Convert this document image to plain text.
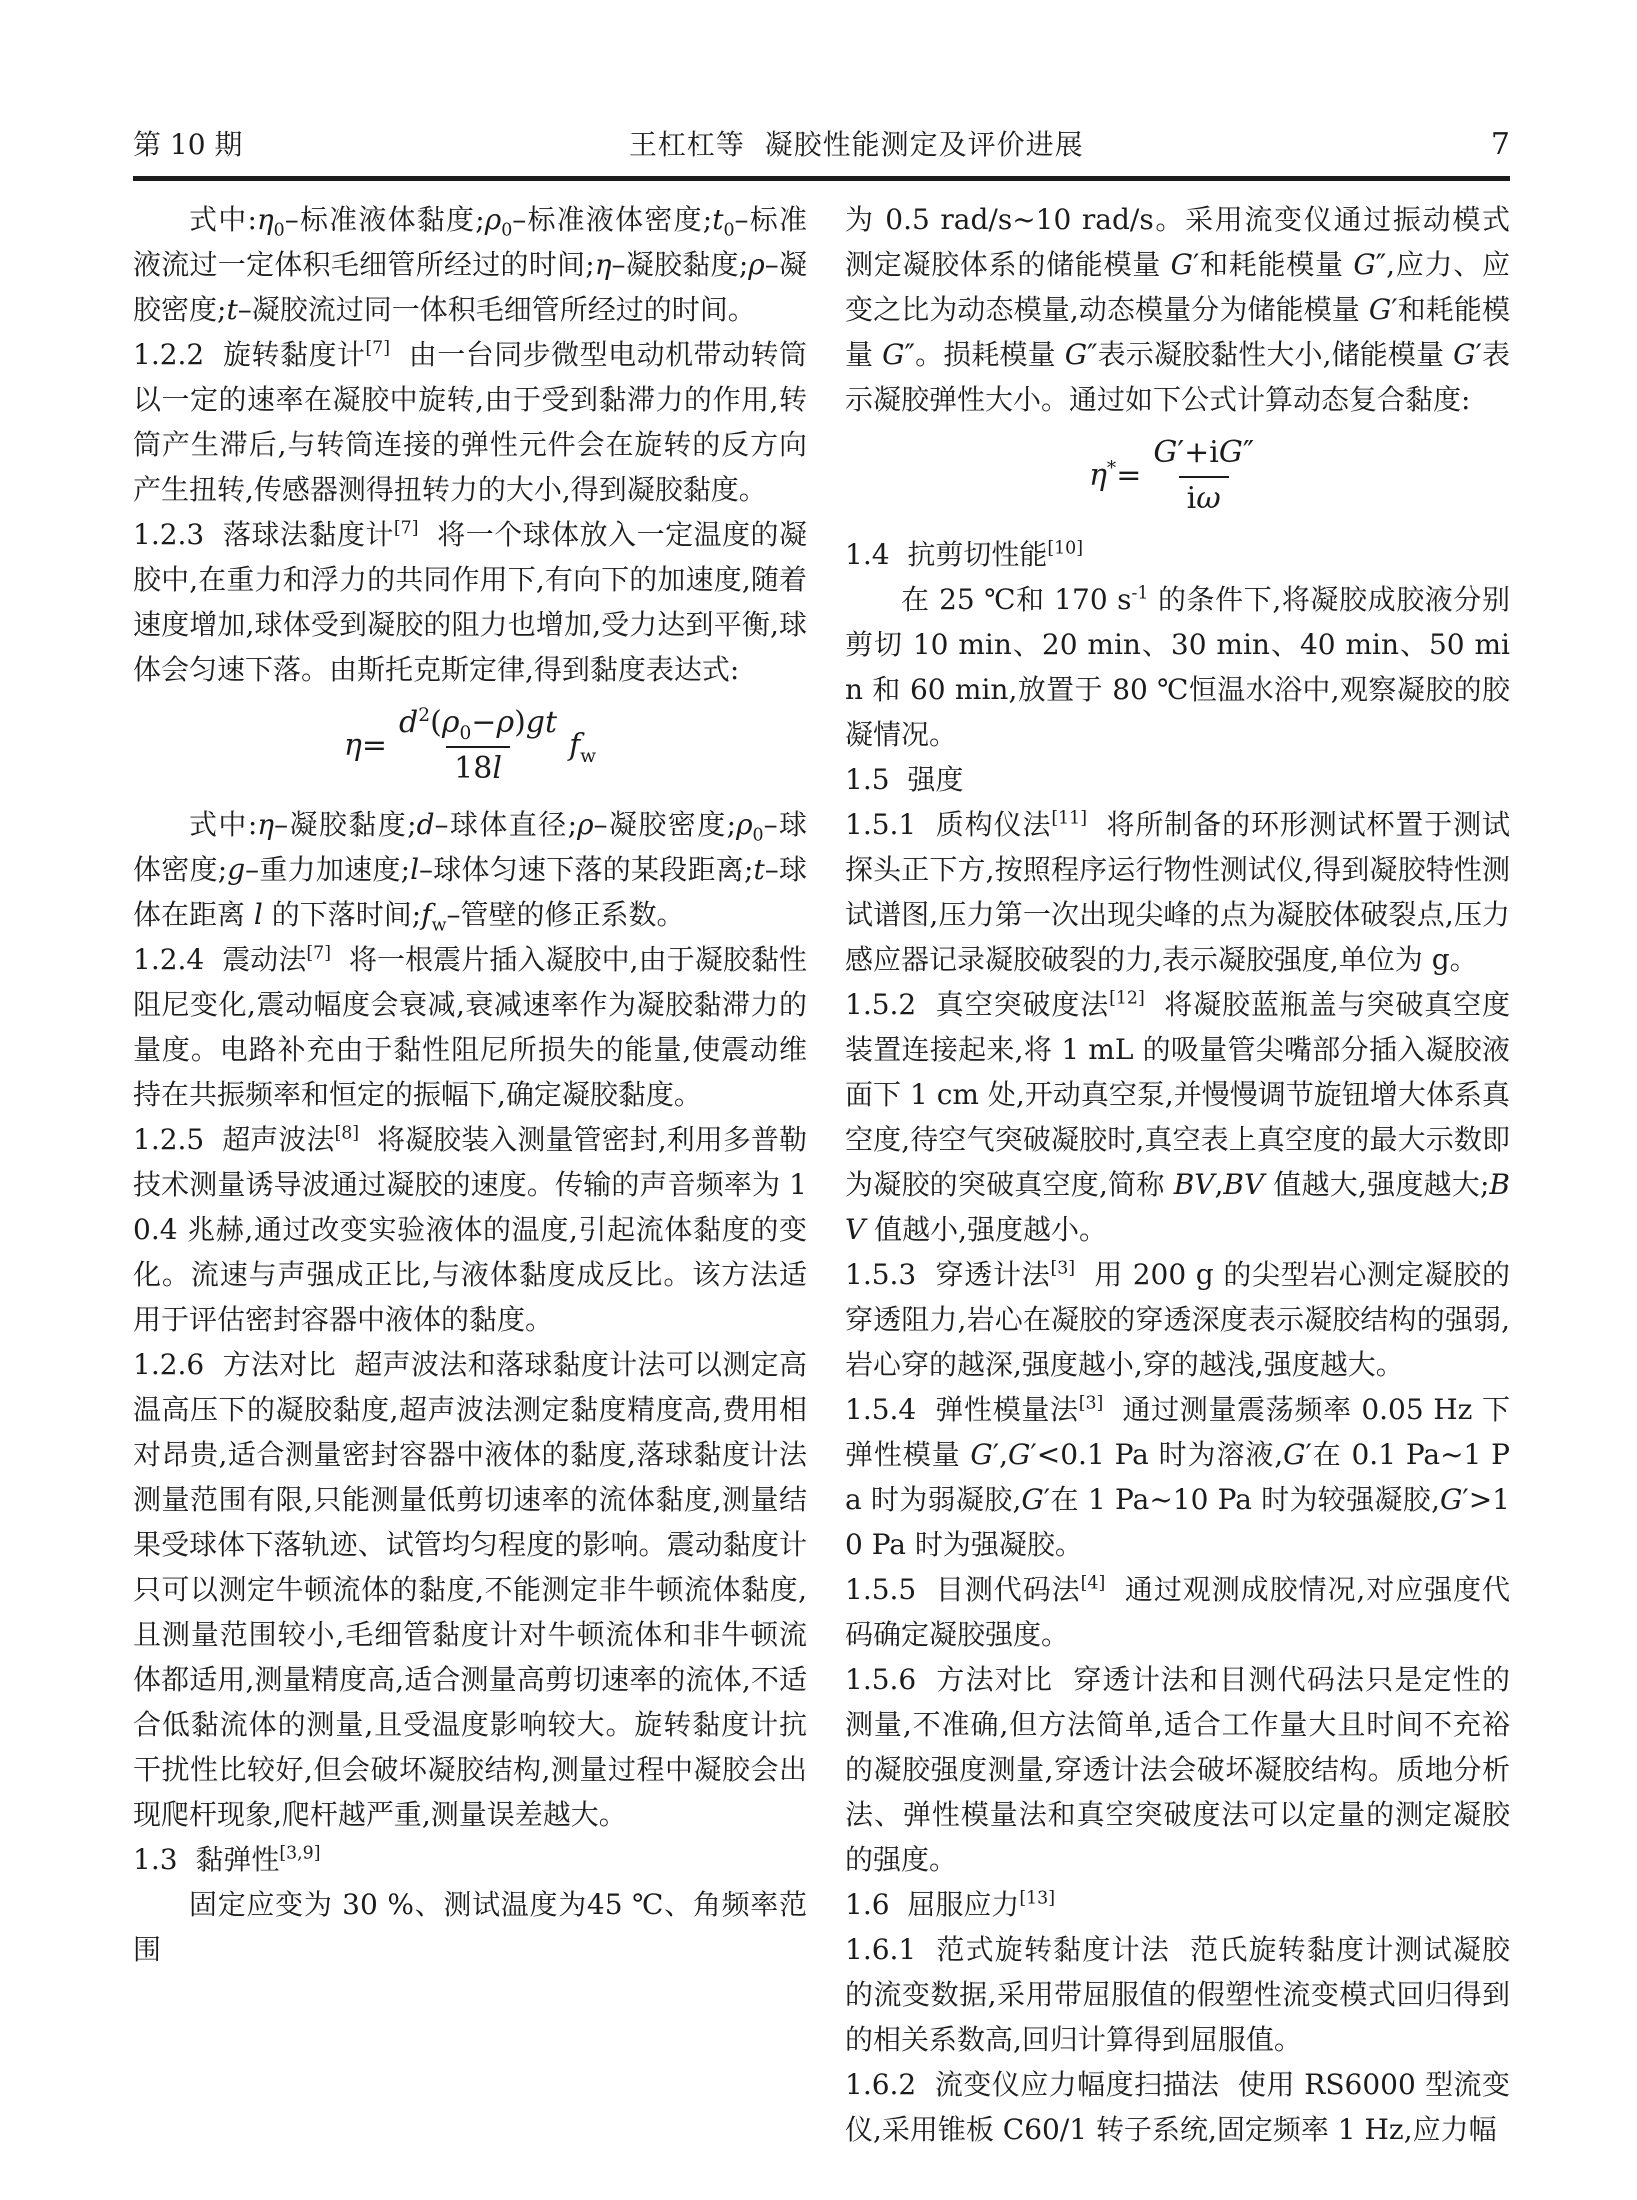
第 10 期	王杠杠等  凝胶性能测定及评价进展	7

式中$:\eta_0-$标准液体黏度$;\rho_0-$标准液体密度$;t_0-$标准液流过一定体积毛细管所经过的时间;η–凝胶黏度;ρ–凝胶密度;t–凝胶流过同一体积毛细管所经过的时间。

1.2.2  旋转黏度计[7]  由一台同步微型电动机带动转筒以一定的速率在凝胶中旋转,由于受到黏滞力的作用,转筒产生滞后,与转筒连接的弹性元件会在旋转的反方向产生扭转,传感器测得扭转力的大小,得到凝胶黏度。

1.2.3  落球法黏度计[7]  将一个球体放入一定温度的凝胶中,在重力和浮力的共同作用下,有向下的加速度,随着速度增加,球体受到凝胶的阻力也增加,受力达到平衡,球体会匀速下落。由斯托克斯定律,得到黏度表达式:

$\eta= \frac{d^2(\rho_0-\rho)gt}{18l} f_w$

式中:η–凝胶黏度;d–球体直径;ρ–凝胶密度$;\rho_0-$球体密度;g–重力加速度;l–球体匀速下落的某段距离;t–球体在距离 l 的下落时间$;f_w-$管壁的修正系数。

1.2.4  震动法[7]  将一根震片插入凝胶中,由于凝胶黏性阻尼变化,震动幅度会衰减,衰减速率作为凝胶黏滞力的量度。电路补充由于黏性阻尼所损失的能量,使震动维持在共振频率和恒定的振幅下,确定凝胶黏度。

1.2.5  超声波法[8]  将凝胶装入测量管密封,利用多普勒技术测量诱导波通过凝胶的速度。传输的声音频率为 10.4 兆赫,通过改变实验液体的温度,引起流体黏度的变化。流速与声强成正比,与液体黏度成反比。该方法适用于评估密封容器中液体的黏度。

1.2.6  方法对比  超声波法和落球黏度计法可以测定高温高压下的凝胶黏度,超声波法测定黏度精度高,费用相对昂贵,适合测量密封容器中液体的黏度,落球黏度计法测量范围有限,只能测量低剪切速率的流体黏度,测量结果受球体下落轨迹、试管均匀程度的影响。震动黏度计只可以测定牛顿流体的黏度,不能测定非牛顿流体黏度,且测量范围较小,毛细管黏度计对牛顿流体和非牛顿流体都适用,测量精度高,适合测量高剪切速率的流体,不适合低黏流体的测量,且受温度影响较大。旋转黏度计抗干扰性比较好,但会破坏凝胶结构,测量过程中凝胶会出现爬杆现象,爬杆越严重,测量误差越大。

1.3  黏弹性[3,9]

固定应变为 30 %、测试温度为45 ℃、角频率范围

为 0.5 rad/s~10 rad/s。采用流变仪通过振动模式测定凝胶体系的储能模量 G′和耗能模量 G″,应力、应变之比为动态模量,动态模量分为储能模量 G′和耗能模量 G″。损耗模量 G″表示凝胶黏性大小,储能模量 G′表示凝胶弹性大小。通过如下公式计算动态复合黏度:

$\eta^*= \frac{G'+iG''}{i\omega}$

1.4  抗剪切性能[10]

在 25 ℃和 170 $s^{-1}$ 的条件下,将凝胶成胶液分别剪切 10 min、20 min、30 min、40 min、50 min 和 60 min,放置于 80 ℃恒温水浴中,观察凝胶的胶凝情况。

1.5  强度

1.5.1  质构仪法[11]  将所制备的环形测试杯置于测试探头正下方,按照程序运行物性测试仪,得到凝胶特性测试谱图,压力第一次出现尖峰的点为凝胶体破裂点,压力感应器记录凝胶破裂的力,表示凝胶强度,单位为 g。

1.5.2  真空突破度法[12]  将凝胶蓝瓶盖与突破真空度装置连接起来,将 1 mL 的吸量管尖嘴部分插入凝胶液面下 1 cm 处,开动真空泵,并慢慢调节旋钮增大体系真空度,待空气突破凝胶时,真空表上真空度的最大示数即为凝胶的突破真空度,简称 BV,BV 值越大,强度越大;BV 值越小,强度越小。

1.5.3  穿透计法[3]  用 200 g 的尖型岩心测定凝胶的穿透阻力,岩心在凝胶的穿透深度表示凝胶结构的强弱,岩心穿的越深,强度越小,穿的越浅,强度越大。

1.5.4  弹性模量法[3]  通过测量震荡频率 0.05 Hz 下弹性模量 G′,G′<0.1 Pa 时为溶液,G′在 0.1 Pa~1 Pa 时为弱凝胶,G′在 1 Pa~10 Pa 时为较强凝胶,G′>10 Pa 时为强凝胶。

1.5.5  目测代码法[4]  通过观测成胶情况,对应强度代码确定凝胶强度。

1.5.6  方法对比  穿透计法和目测代码法只是定性的测量,不准确,但方法简单,适合工作量大且时间不充裕的凝胶强度测量,穿透计法会破坏凝胶结构。质地分析法、弹性模量法和真空突破度法可以定量的测定凝胶的强度。

1.6  屈服应力[13]

1.6.1  范式旋转黏度计法  范氏旋转黏度计测试凝胶的流变数据,采用带屈服值的假塑性流变模式回归得到的相关系数高,回归计算得到屈服值。

1.6.2  流变仪应力幅度扫描法  使用 RS6000 型流变仪,采用锥板 C60/1 转子系统,固定频率 1 Hz,应力幅
